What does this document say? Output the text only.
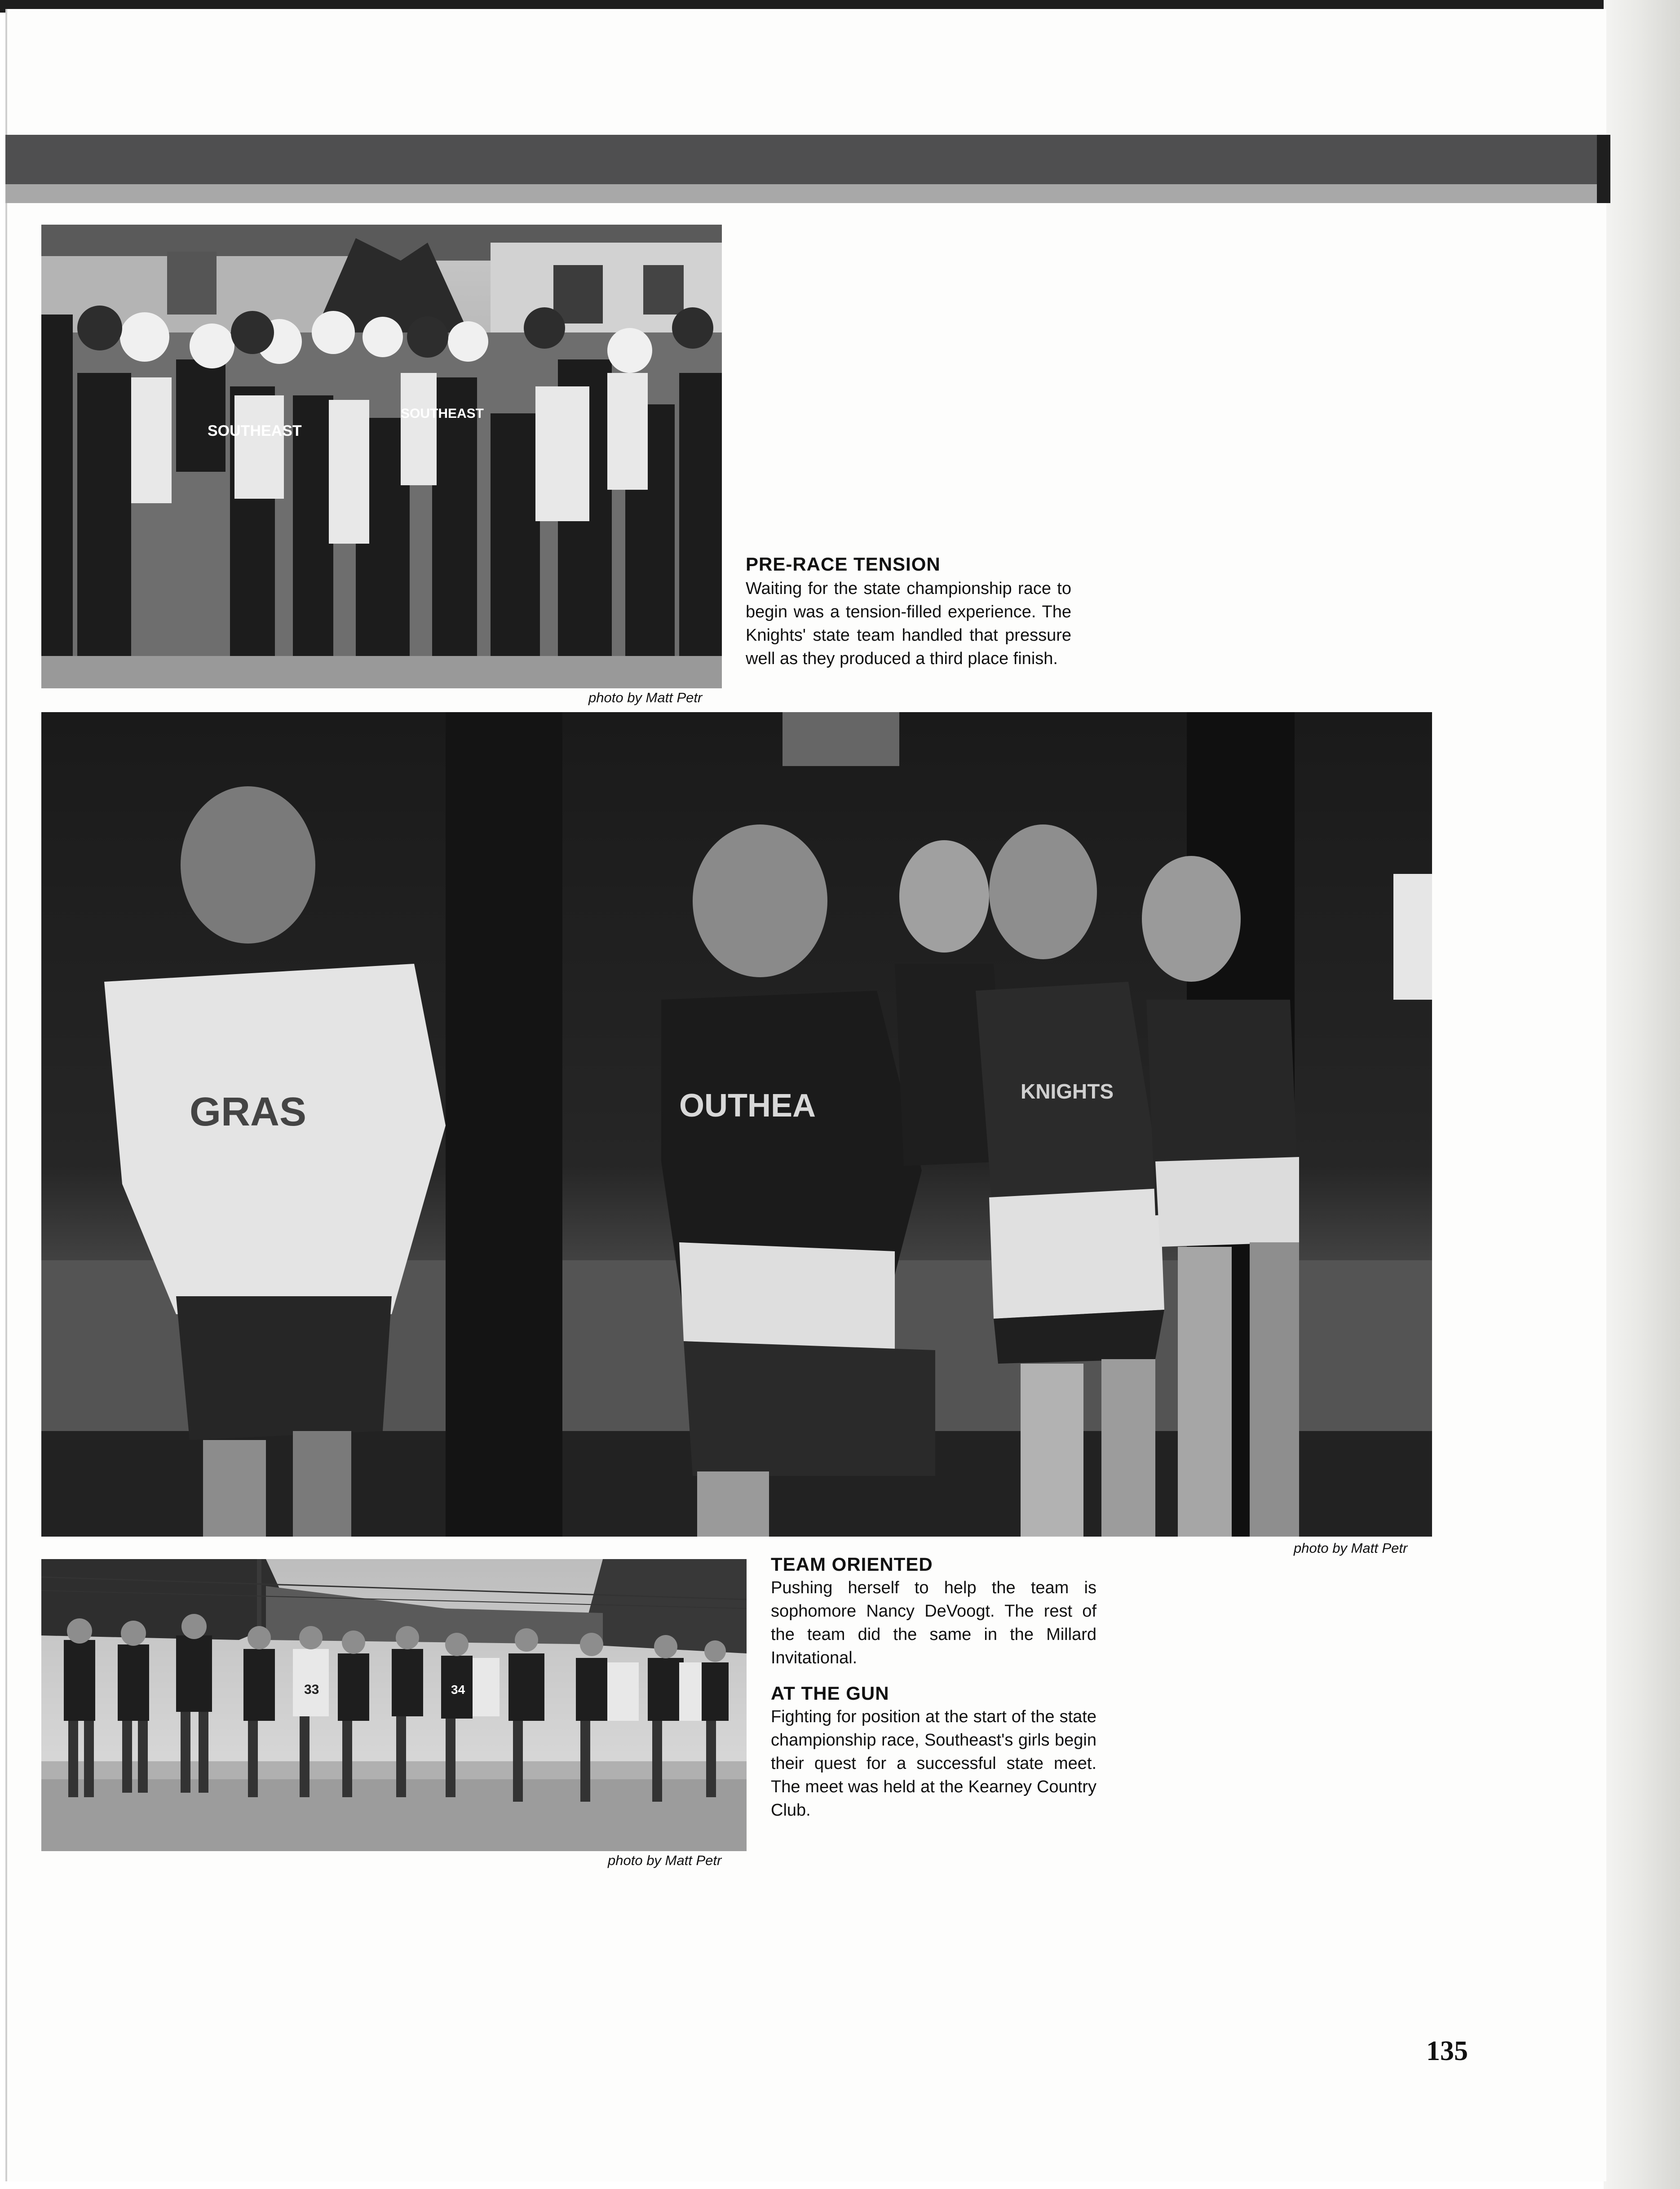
SOUTHEAST
SOUTHEAST
photo by Matt Petr
PRE-RACE TENSION
Waiting for the state championship race to begin was a tension-filled experience. The Knights' state team handled that pressure well as they produced a third place finish.
GRAS	OUTHEA	KNIGHTS
photo by Matt Petr
33	34
photo by Matt Petr
TEAM ORIENTED
Pushing herself to help the team is sophomore Nancy DeVoogt. The rest of the team did the same in the Millard Invitational.
AT THE GUN
Fighting for position at the start of the state championship race, Southeast's girls begin their quest for a successful state meet. The meet was held at the Kearney Country Club.
135
